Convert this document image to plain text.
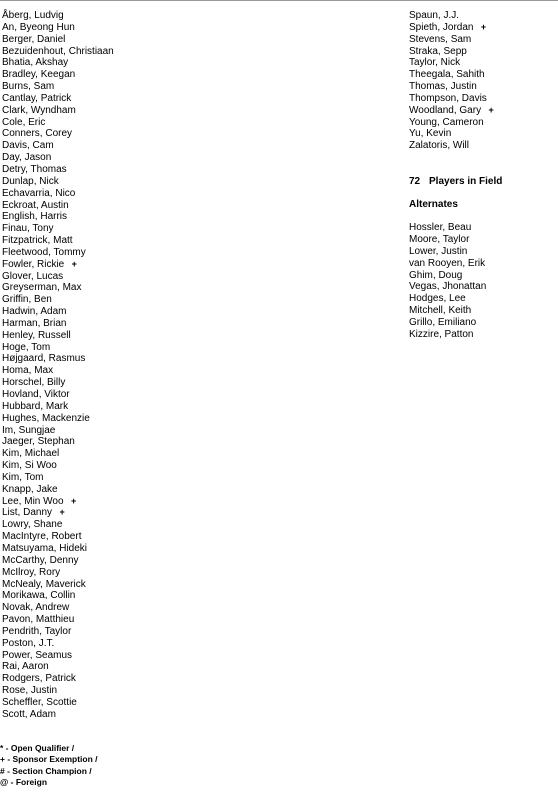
Åberg, Ludvig
An, Byeong Hun
Berger, Daniel
Bezuidenhout, Christiaan
Bhatia, Akshay
Bradley, Keegan
Burns, Sam
Cantlay, Patrick
Clark, Wyndham
Cole, Eric
Conners, Corey
Davis, Cam
Day, Jason
Detry, Thomas
Dunlap, Nick
Echavarria, Nico
Eckroat, Austin
English, Harris
Finau, Tony
Fitzpatrick, Matt
Fleetwood, Tommy
Fowler, Rickie +
Glover, Lucas
Greyserman, Max
Griffin, Ben
Hadwin, Adam
Harman, Brian
Henley, Russell
Hoge, Tom
Højgaard, Rasmus
Homa, Max
Horschel, Billy
Hovland, Viktor
Hubbard, Mark
Hughes, Mackenzie
Im, Sungjae
Jaeger, Stephan
Kim, Michael
Kim, Si Woo
Kim, Tom
Knapp, Jake
Lee, Min Woo +
List, Danny +
Lowry, Shane
MacIntyre, Robert
Matsuyama, Hideki
McCarthy, Denny
McIlroy, Rory
McNealy, Maverick
Morikawa, Collin
Novak, Andrew
Pavon, Matthieu
Pendrith, Taylor
Poston, J.T.
Power, Seamus
Rai, Aaron
Rodgers, Patrick
Rose, Justin
Scheffler, Scottie
Scott, Adam
Spaun, J.J.
Spieth, Jordan +
Stevens, Sam
Straka, Sepp
Taylor, Nick
Theegala, Sahith
Thomas, Justin
Thompson, Davis
Woodland, Gary +
Young, Cameron
Yu, Kevin
Zalatoris, Will
72 Players in Field
Alternates
Hossler, Beau
Moore, Taylor
Lower, Justin
van Rooyen, Erik
Ghim, Doug
Vegas, Jhonattan
Hodges, Lee
Mitchell, Keith
Grillo, Emiliano
Kizzire, Patton
* - Open Qualifier /
+ - Sponsor Exemption /
# - Section Champion /
@ - Foreign
